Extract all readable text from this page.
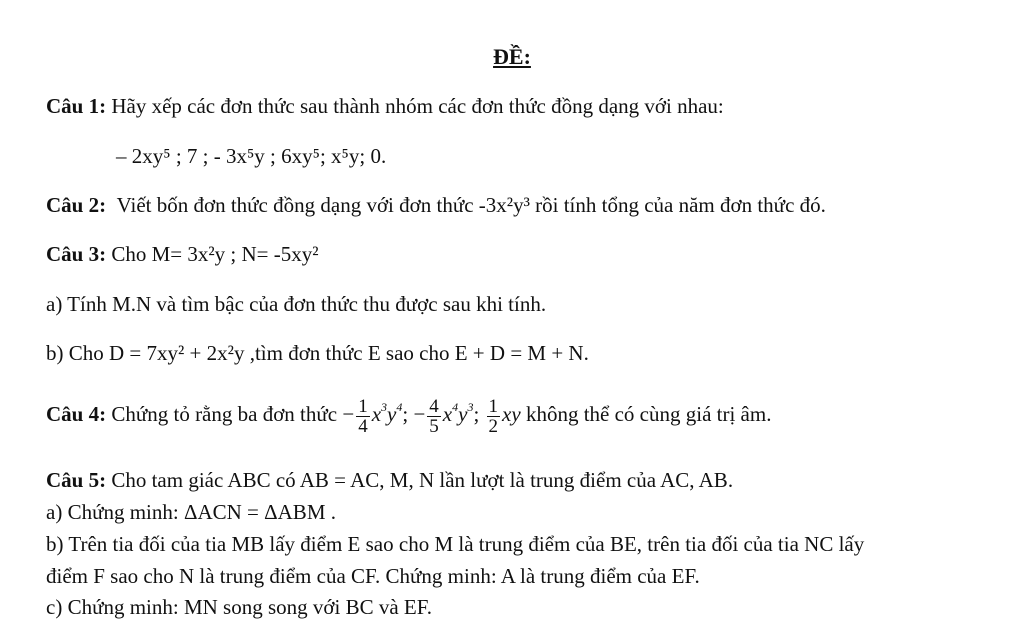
ĐỀ:
Câu 1: Hãy xếp các đơn thức sau thành nhóm các đơn thức đồng dạng với nhau:
– 2xy⁵ ; 7 ; - 3x⁵y ; 6xy⁵; x⁵y; 0.
Câu 2: Viết bốn đơn thức đồng dạng với đơn thức -3x²y³ rồi tính tổng của năm đơn thức đó.
Câu 3: Cho M= 3x²y ; N= -5xy²
a) Tính M.N và tìm bậc của đơn thức thu được sau khi tính.
b) Cho D = 7xy² + 2x²y ,tìm đơn thức E sao cho E + D = M + N.
Câu 4: Chứng tỏ rằng ba đơn thức − $\frac{1}{4} x^3y^4$; − $\frac{4}{5} x^4y^3$; $\frac{1}{2}$ xy không thể có cùng giá trị âm.
Câu 5: Cho tam giác ABC có AB = AC, M, N lần lượt là trung điểm của AC, AB.
a) Chứng minh: ΔACN = ΔABM .
b) Trên tia đối của tia MB lấy điểm E sao cho M là trung điểm của BE, trên tia đối của tia NC lấy
điểm F sao cho N là trung điểm của CF. Chứng minh: A là trung điểm của EF.
c) Chứng minh: MN song song với BC và EF.
